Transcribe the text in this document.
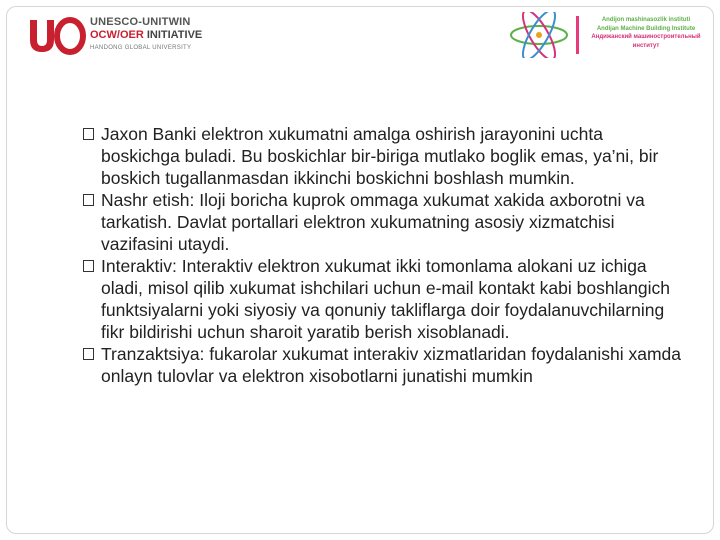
UNESCO-UNITWIN
OCW/OER INITIATIVE
HANDONG GLOBAL UNIVERSITY
Andijon mashinasozlik instituti
Andijan Machine Building Institute
Андижанский машиностроительный
институт
Jaxon Banki elektron xukumatni amalga oshirish jarayonini uchta boskichga buladi. Bu boskichlar bir-biriga mutlako boglik emas, ya’ni, bir boskich tugallanmasdan ikkinchi boskichni boshlash mumkin.
Nashr etish: Iloji boricha kuprok ommaga xukumat xakida axborotni va tarkatish. Davlat portallari elektron xukumatning asosiy xizmatchisi vazifasini utaydi.
Interaktiv: Interaktiv elektron xukumat ikki tomonlama alokani uz ichiga oladi, misol qilib xukumat ishchilari uchun e-mail kontakt kabi boshlangich funktsiyalarni yoki siyosiy va qonuniy takliflarga doir foydalanuvchilarning fikr bildirishi uchun sharoit yaratib berish xisoblanadi.
Tranzaktsiya: fukarolar xukumat interakiv xizmatlaridan foydalanishi xamda onlayn tulovlar va elektron xisobotlarni junatishi mumkin
